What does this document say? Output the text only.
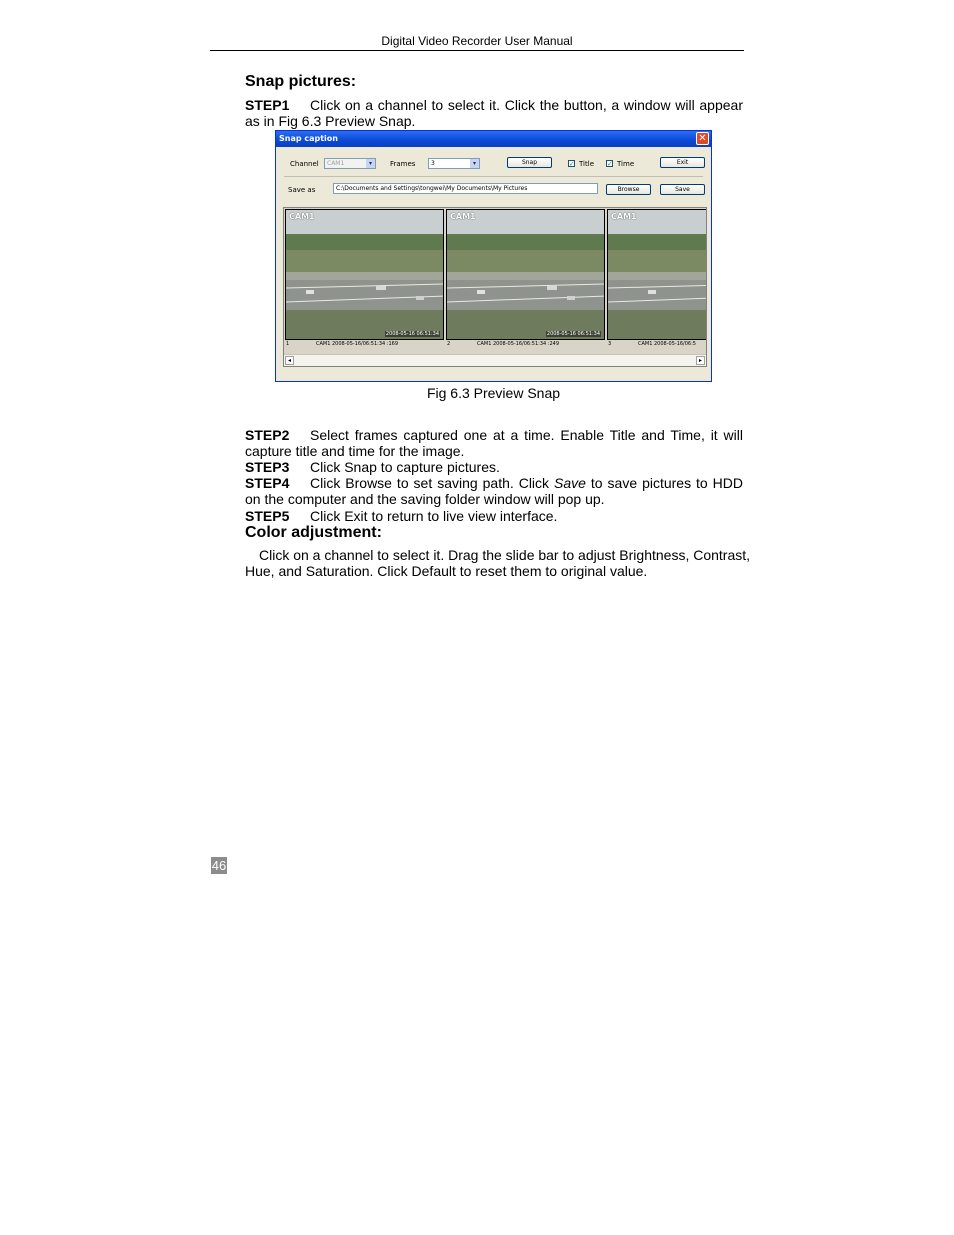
Digital Video Recorder User Manual
Snap pictures:
STEP1 Click on a channel to select it. Click the button, a window will appear
as in Fig 6.3 Preview Snap.
Snap caption	✕
Channel	CAM1	▾	Frames	3	▾	Snap	✓ Title ✓ Time	Exit
Save as	C:\Documents and Settings\tongwei\My Documents\My Pictures	Browse	Save
CAM1
2008-05-16 06:51:34
CAM1
2008-05-16 06:51:34
CAM1
1	CAM1 2008-05-16/06:51:34 :169	2	CAM1 2008-05-16/06:51:34 :249	3	CAM1 2008-05-16/06:5
◂	▸
Fig 6.3 Preview Snap
STEP2 Select frames captured one at a time. Enable Title and Time, it will
capture title and time for the image.
STEP3 Click Snap to capture pictures.
STEP4 Click Browse to set saving path. Click Save to save pictures to HDD
on the computer and the saving folder window will pop up.
STEP5 Click Exit to return to live view interface.
Color adjustment:
Click on a channel to select it. Drag the slide bar to adjust Brightness, Contrast,
Hue, and Saturation. Click Default to reset them to original value.
46
